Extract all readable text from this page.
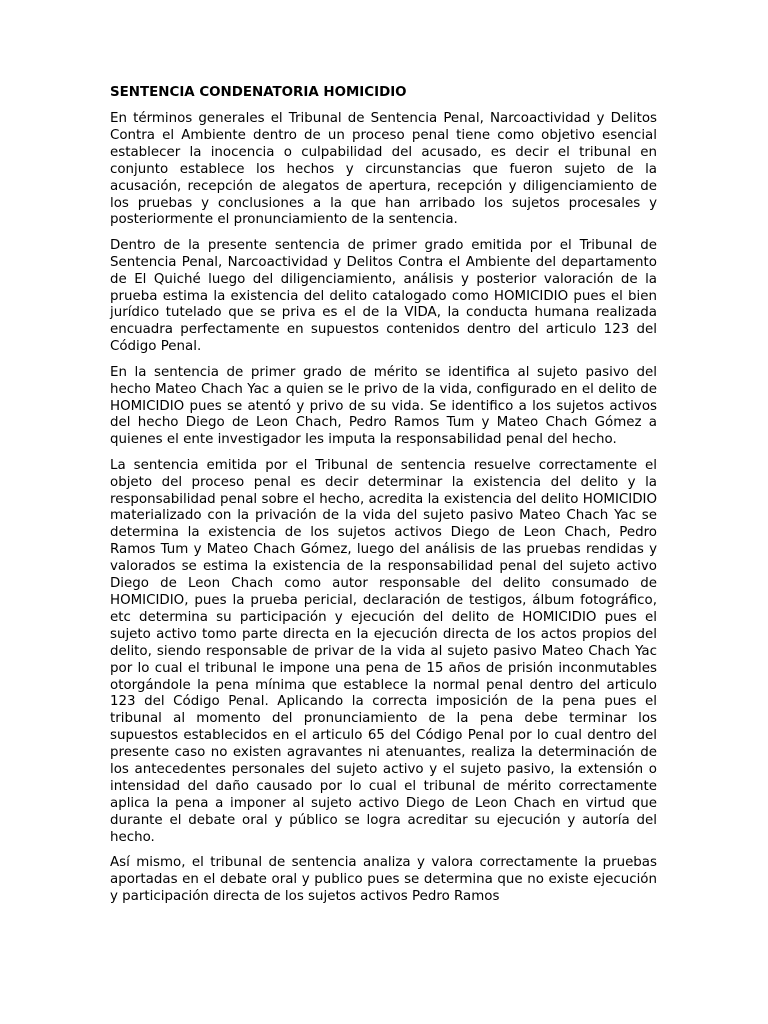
SENTENCIA CONDENATORIA HOMICIDIO

En términos generales el Tribunal de Sentencia Penal, Narcoactividad y Delitos Contra el Ambiente dentro de un proceso penal tiene como objetivo esencial establecer la inocencia o culpabilidad del acusado, es decir el tribunal en conjunto establece los hechos y circunstancias que fueron sujeto de la acusación, recepción de alegatos de apertura, recepción y diligenciamiento de los pruebas y conclusiones a la que han arribado los sujetos procesales y posteriormente el pronunciamiento de la sentencia.

Dentro de la presente sentencia de primer grado emitida por el Tribunal de Sentencia Penal, Narcoactividad y Delitos Contra el Ambiente del departamento de El Quiché luego del diligenciamiento, análisis y posterior valoración de la prueba estima la existencia del delito catalogado como HOMICIDIO pues el bien jurídico tutelado que se priva es el de la VIDA, la conducta humana realizada encuadra perfectamente en supuestos contenidos dentro del articulo 123 del Código Penal.

En la sentencia de primer grado de mérito se identifica al sujeto pasivo del hecho Mateo Chach Yac a quien se le privo de la vida, configurado en el delito de HOMICIDIO pues se atentó y privo de su vida. Se identifico a los sujetos activos del hecho Diego de Leon Chach, Pedro Ramos Tum y Mateo Chach Gómez a quienes el ente investigador les imputa la responsabilidad penal del hecho.

La sentencia emitida por el Tribunal de sentencia resuelve correctamente el objeto del proceso penal es decir determinar la existencia del delito y la responsabilidad penal sobre el hecho, acredita la existencia del delito HOMICIDIO materializado con la privación de la vida del sujeto pasivo Mateo Chach Yac se determina la existencia de los sujetos activos Diego de Leon Chach, Pedro Ramos Tum y Mateo Chach Gómez, luego del análisis de las pruebas rendidas y valorados se estima la existencia de la responsabilidad penal del sujeto activo Diego de Leon Chach como autor responsable del delito consumado de HOMICIDIO, pues la prueba pericial, declaración de testigos, álbum fotográfico, etc determina su participación y ejecución del delito de HOMICIDIO pues el sujeto activo tomo parte directa en la ejecución directa de los actos propios del delito, siendo responsable de privar de la vida al sujeto pasivo Mateo Chach Yac por lo cual el tribunal le impone una pena de 15 años de prisión inconmutables otorgándole la pena mínima que establece la normal penal dentro del articulo 123 del Código Penal. Aplicando la correcta imposición de la pena pues el tribunal al momento del pronunciamiento de la pena debe terminar los supuestos establecidos en el articulo 65 del Código Penal por lo cual dentro del presente caso no existen agravantes ni atenuantes, realiza la determinación de los antecedentes personales del sujeto activo y el sujeto pasivo, la extensión o intensidad del daño causado por lo cual el tribunal de mérito correctamente aplica la pena a imponer al sujeto activo Diego de Leon Chach en virtud que durante el debate oral y público se logra acreditar su ejecución y autoría del hecho.

Así mismo, el tribunal de sentencia analiza y valora correctamente la pruebas aportadas en el debate oral y publico pues se determina que no existe ejecución y participación directa de los sujetos activos Pedro Ramos
